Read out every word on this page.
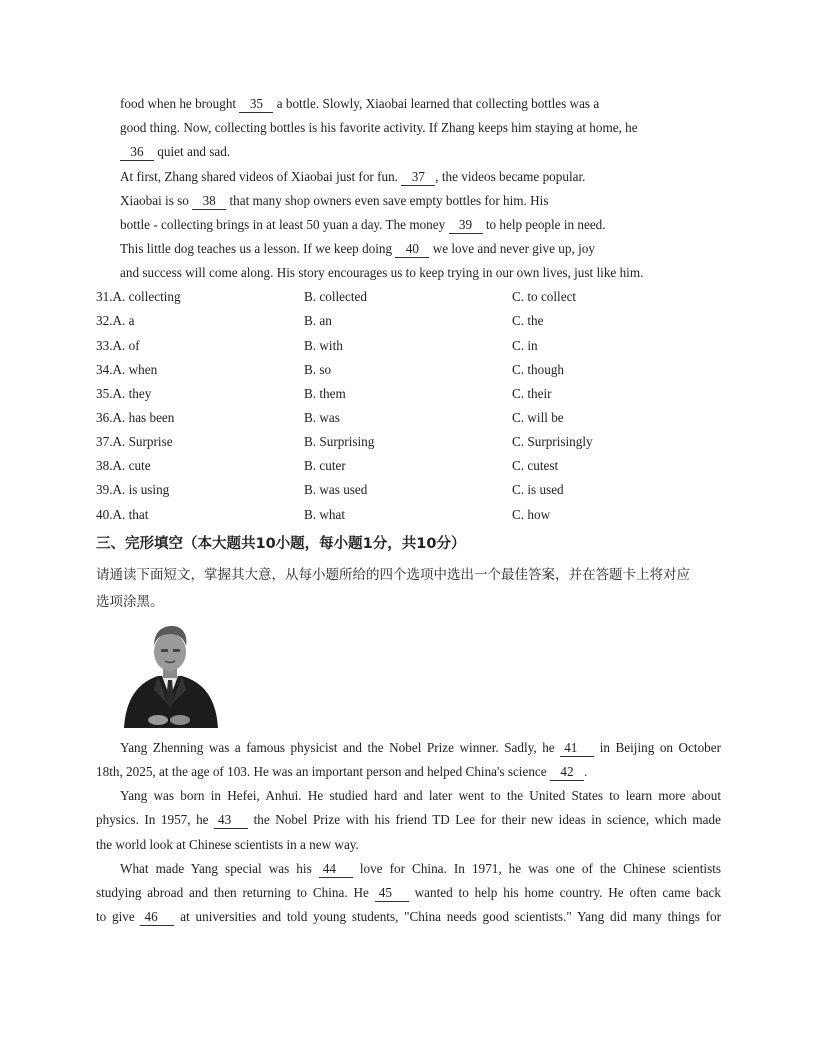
food when he brought 35 a bottle. Slowly, Xiaobai learned that collecting bottles was a
good thing. Now, collecting bottles is his favorite activity. If Zhang keeps him staying at home, he
36 quiet and sad.
At first, Zhang shared videos of Xiaobai just for fun. 37 , the videos became popular.
Xiaobai is so 38 that many shop owners even save empty bottles for him. His
bottle - collecting brings in at least 50 yuan a day. The money 39 to help people in need.
This little dog teaches us a lesson. If we keep doing 40 we love and never give up, joy
and success will come along. His story encourages us to keep trying in our own lives, just like him.
31.A. collecting	B. collected	C. to collect
32.A. a	B. an	C. the
33.A. of	B. with	C. in
34.A. when	B. so	C. though
35.A. they	B. them	C. their
36.A. has been	B. was	C. will be
37.A. Surprise	B. Surprising	C. Surprisingly
38.A. cute	B. cuter	C. cutest
39.A. is using	B. was used	C. is used
40.A. that	B. what	C. how
三、完形填空（本大题共10小题，每小题1分，共10分）
请通读下面短文，掌握其大意，从每小题所给的四个选项中选出一个最佳答案，并在答题卡上将对应
选项涂黑。
Yang Zhenning was a famous physicist and the Nobel Prize winner. Sadly, he 41 in Beijing on October
18th, 2025, at the age of 103. He was an important person and helped China's science 42 .
Yang was born in Hefei, Anhui. He studied hard and later went to the United States to learn more about
physics. In 1957, he 43 the Nobel Prize with his friend TD Lee for their new ideas in science, which made
the world look at Chinese scientists in a new way.
What made Yang special was his 44 love for China. In 1971, he was one of the Chinese scientists
studying abroad and then returning to China. He 45 wanted to help his home country. He often came back
to give 46 at universities and told young students, "China needs good scientists." Yang did many things for
